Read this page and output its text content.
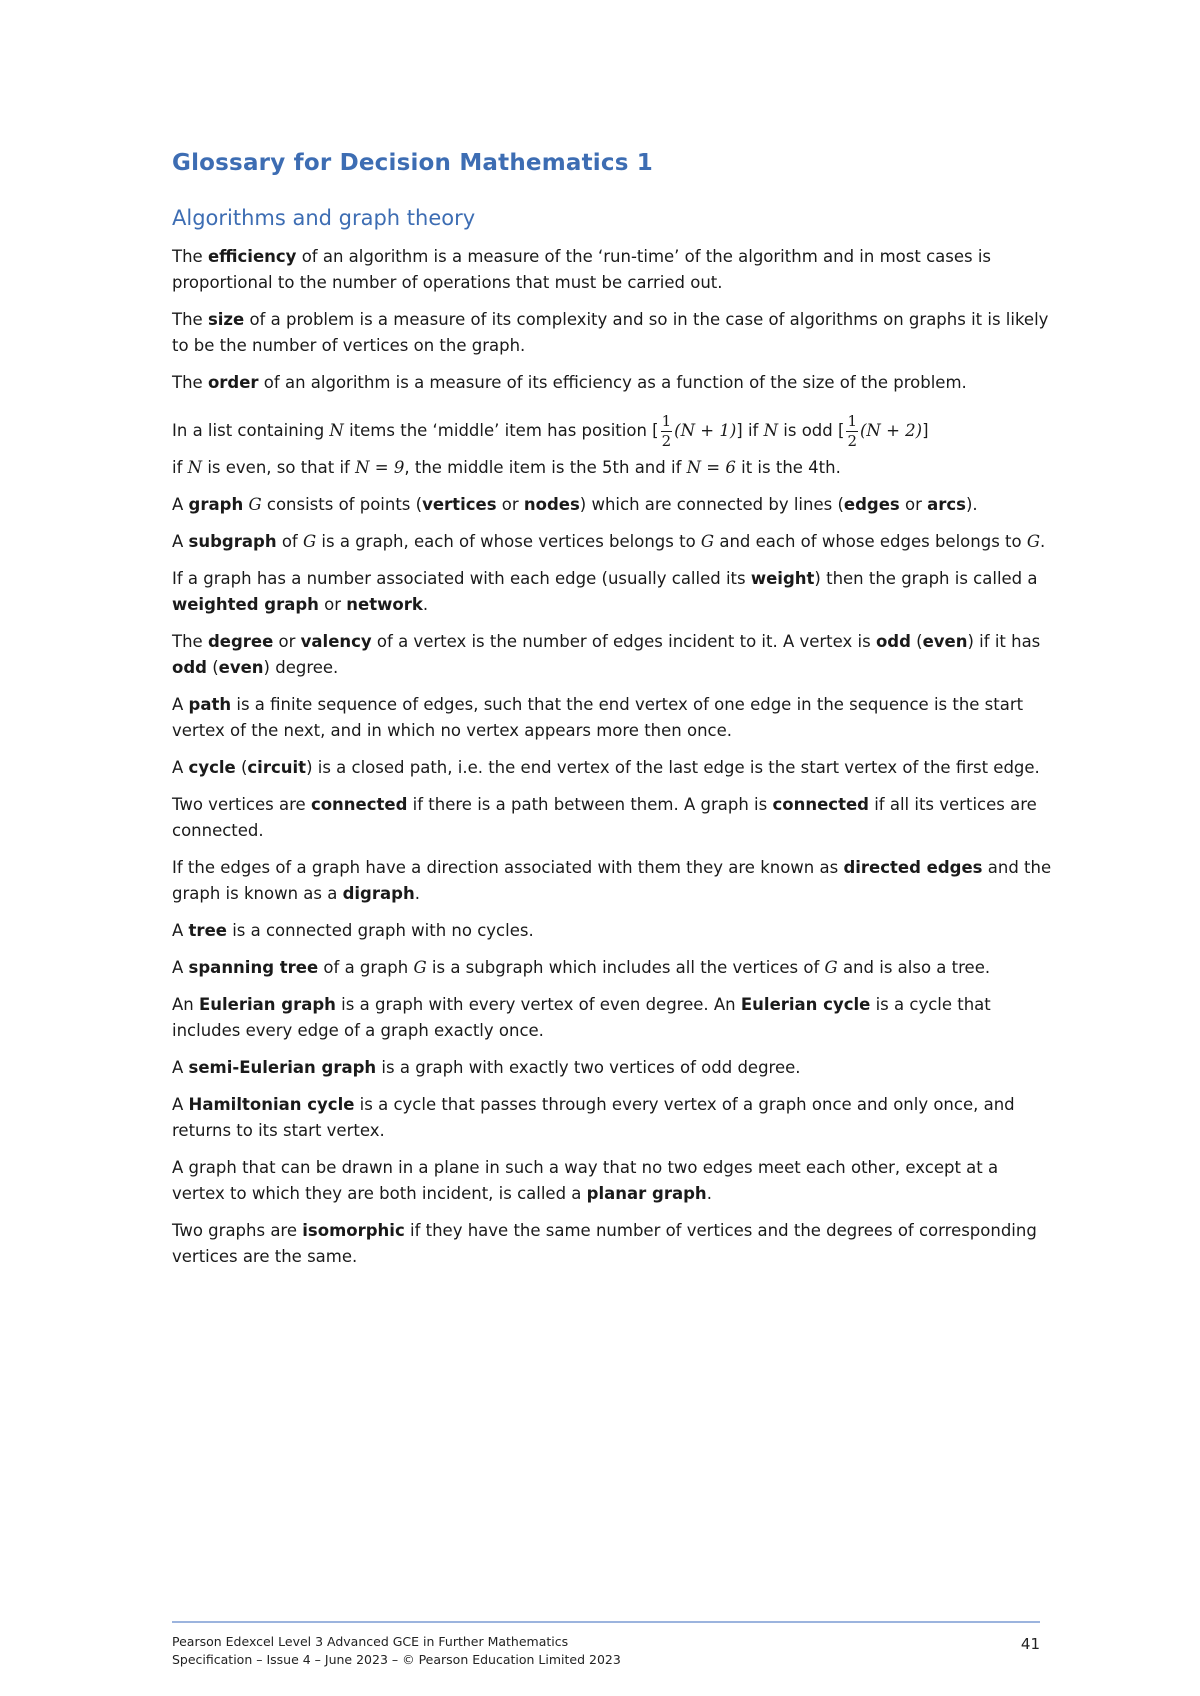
Glossary for Decision Mathematics 1
Algorithms and graph theory

The efficiency of an algorithm is a measure of the ‘run-time’ of the algorithm and in most cases is proportional to the number of operations that must be carried out.

The size of a problem is a measure of its complexity and so in the case of algorithms on graphs it is likely to be the number of vertices on the graph.

The order of an algorithm is a measure of its efficiency as a function of the size of the problem.

In a list containing N items the ‘middle’ item has position [ $\frac{1}{2} (N + 1)$] if N is odd [ $\frac{1}{2} (N + 2)$]
if N is even, so that if N = 9, the middle item is the 5th and if N = 6 it is the 4th.

A graph G consists of points (vertices or nodes) which are connected by lines (edges or arcs).

A subgraph of G is a graph, each of whose vertices belongs to G and each of whose edges belongs to G.

If a graph has a number associated with each edge (usually called its weight) then the graph is called a weighted graph or network.

The degree or valency of a vertex is the number of edges incident to it. A vertex is odd (even) if it has odd (even) degree.

A path is a finite sequence of edges, such that the end vertex of one edge in the sequence is the start vertex of the next, and in which no vertex appears more then once.

A cycle (circuit) is a closed path, i.e. the end vertex of the last edge is the start vertex of the first edge.

Two vertices are connected if there is a path between them. A graph is connected if all its vertices are connected.

If the edges of a graph have a direction associated with them they are known as directed edges and the graph is known as a digraph.

A tree is a connected graph with no cycles.

A spanning tree of a graph G is a subgraph which includes all the vertices of G and is also a tree.

An Eulerian graph is a graph with every vertex of even degree. An Eulerian cycle is a cycle that includes every edge of a graph exactly once.

A semi-Eulerian graph is a graph with exactly two vertices of odd degree.

A Hamiltonian cycle is a cycle that passes through every vertex of a graph once and only once, and returns to its start vertex.

A graph that can be drawn in a plane in such a way that no two edges meet each other, except at a vertex to which they are both incident, is called a planar graph.

Two graphs are isomorphic if they have the same number of vertices and the degrees of corresponding vertices are the same.

Pearson Edexcel Level 3 Advanced GCE in Further Mathematics
Specification – Issue 4 – June 2023 – © Pearson Education Limited 2023
41
